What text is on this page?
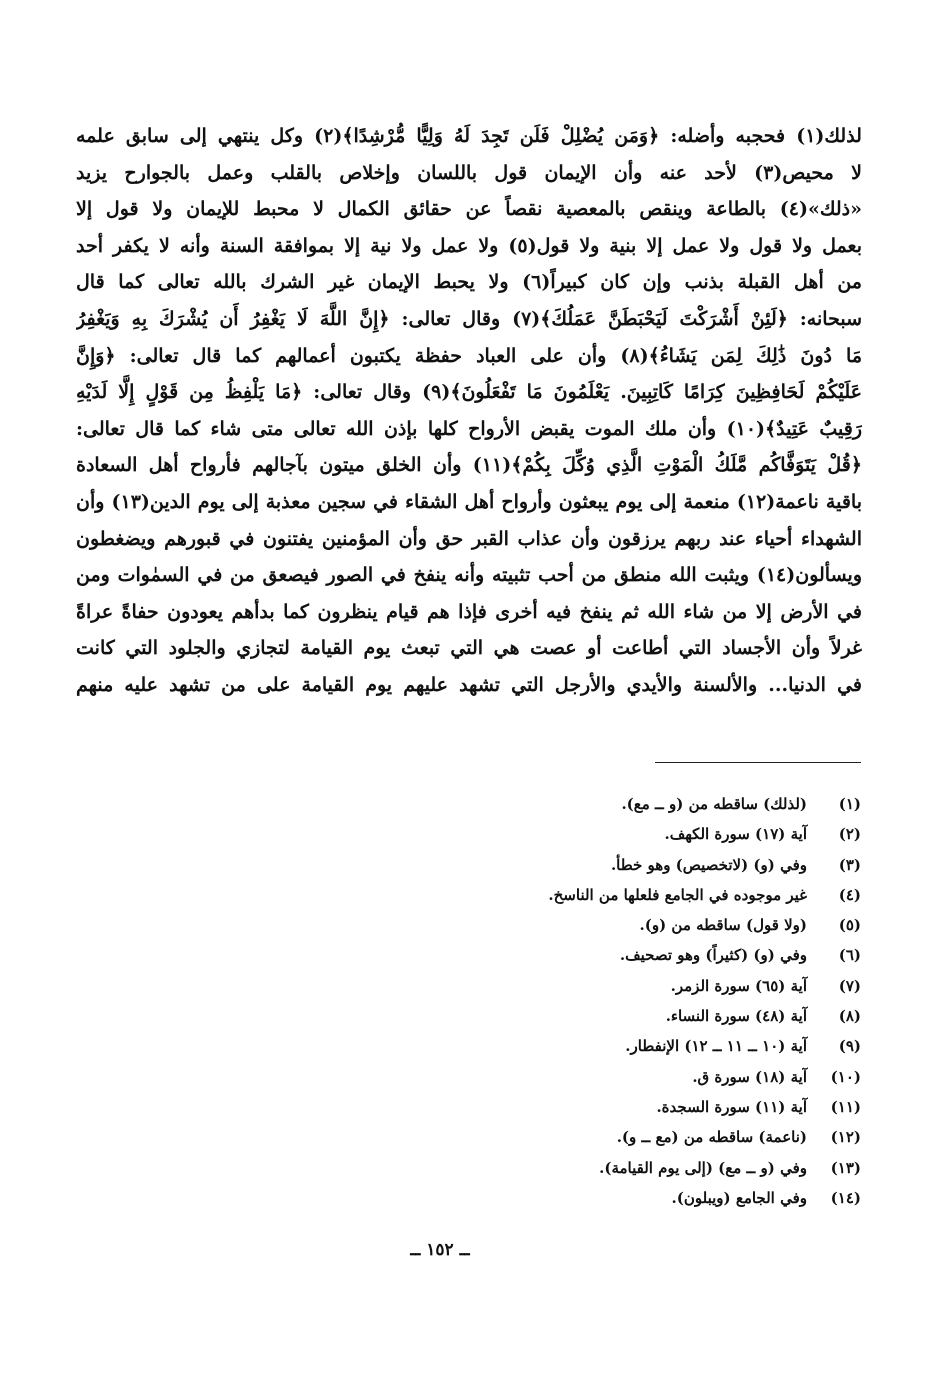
لذلك(١) فحجبه وأضله: ﴿وَمَن يُضْلِلْ فَلَن تَجِدَ لَهُ وَلِيًّا مُّرْشِدًا﴾(٢) وكل ينتهي إلى سابق علمه
لا محيص(٣) لأحد عنه وأن الإيمان قول باللسان وإخلاص بالقلب وعمل بالجوارح يزيد
«ذلك»(٤) بالطاعة وينقص بالمعصية نقصاً عن حقائق الكمال لا محبط للإيمان ولا قول إلا
بعمل ولا قول ولا عمل إلا بنية ولا قول(٥) ولا عمل ولا نية إلا بموافقة السنة وأنه لا يكفر أحد
من أهل القبلة بذنب وإن كان كبيراً(٦) ولا يحبط الإيمان غير الشرك بالله تعالى كما قال
سبحانه: ﴿لَئِنْ أَشْرَكْتَ لَيَحْبَطَنَّ عَمَلُكَ﴾(٧) وقال تعالى: ﴿إِنَّ اللَّهَ لَا يَغْفِرُ أَن يُشْرَكَ بِهِ وَيَغْفِرُ
مَا دُونَ ذَٰلِكَ لِمَن يَشَاءُ﴾(٨) وأن على العباد حفظة يكتبون أعمالهم كما قال تعالى: ﴿وَإِنَّ
عَلَيْكُمْ لَحَافِظِينَ كِرَامًا كَاتِبِينَ. يَعْلَمُونَ مَا تَفْعَلُونَ﴾(٩) وقال تعالى: ﴿مَا يَلْفِظُ مِن قَوْلٍ إِلَّا لَدَيْهِ
رَقِيبٌ عَتِيدٌ﴾(١٠) وأن ملك الموت يقبض الأرواح كلها بإذن الله تعالى متى شاء كما قال تعالى:
﴿قُلْ يَتَوَفَّاكُم مَّلَكُ الْمَوْتِ الَّذِي وُكِّلَ بِكُمْ﴾(١١) وأن الخلق ميتون بآجالهم فأرواح أهل السعادة
باقية ناعمة(١٢) منعمة إلى يوم يبعثون وأرواح أهل الشقاء في سجين معذبة إلى يوم الدين(١٣) وأن
الشهداء أحياء عند ربهم يرزقون وأن عذاب القبر حق وأن المؤمنين يفتنون في قبورهم ويضغطون
ويسألون(١٤) ويثبت الله منطق من أحب تثبيته وأنه ينفخ في الصور فيصعق من في السمٰوات ومن
في الأرض إلا من شاء الله ثم ينفخ فيه أخرى فإذا هم قيام ينظرون كما بدأهم يعودون حفاةً عراةً
غرلاً وأن الأجساد التي أطاعت أو عصت هي التي تبعث يوم القيامة لتجازي والجلود التي كانت
في الدنيا... والألسنة والأيدي والأرجل التي تشهد عليهم يوم القيامة على من تشهد عليه منهم
(١)
(لذلك) ساقطه من (و ــ مع).
(٢)
آية (١٧) سورة الكهف.
(٣)
وفي (و) (لاتخصيص) وهو خطأ.
(٤)
غير موجوده في الجامع فلعلها من الناسخ.
(٥)
(ولا قول) ساقطه من (و).
(٦)
وفي (و) (كثيراً) وهو تصحيف.
(٧)
آية (٦٥) سورة الزمر.
(٨)
آية (٤٨) سورة النساء.
(٩)
آية (١٠ ــ ١١ ــ ١٢) الإنفطار.
(١٠)
آية (١٨) سورة ق.
(١١)
آية (١١) سورة السجدة.
(١٢)
(ناعمة) ساقطه من (مع ــ و).
(١٣)
وفي (و ــ مع) (إلى يوم القيامة).
(١٤)
وفي الجامع (ويبلون).
ــ ١٥٢ ــ
